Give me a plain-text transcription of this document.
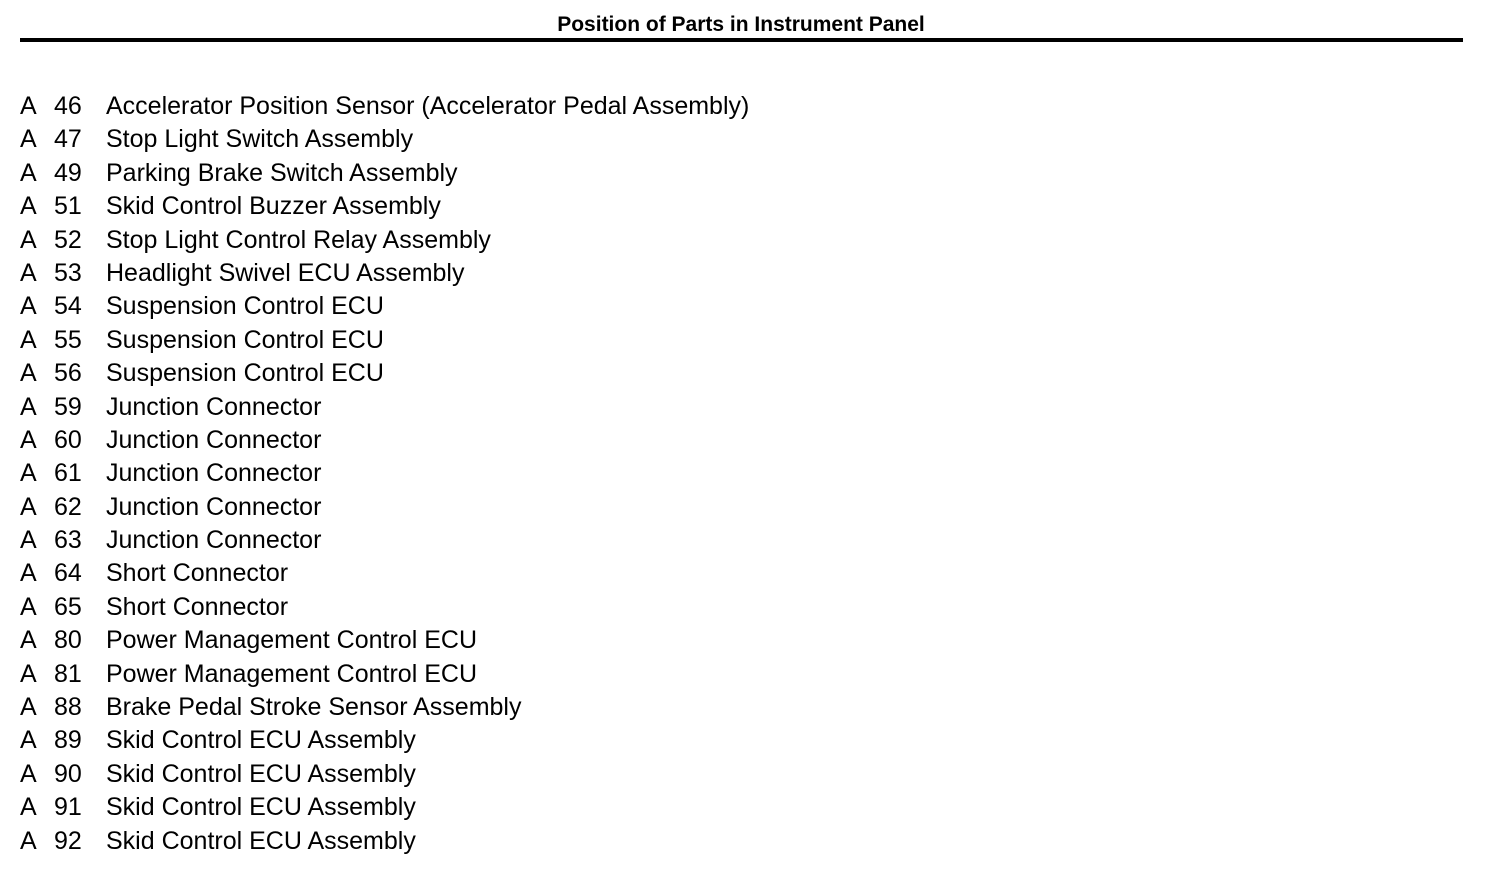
Position of Parts in Instrument Panel
A 46 Accelerator Position Sensor (Accelerator Pedal Assembly)
A 47 Stop Light Switch Assembly
A 49 Parking Brake Switch Assembly
A 51 Skid Control Buzzer Assembly
A 52 Stop Light Control Relay Assembly
A 53 Headlight Swivel ECU Assembly
A 54 Suspension Control ECU
A 55 Suspension Control ECU
A 56 Suspension Control ECU
A 59 Junction Connector
A 60 Junction Connector
A 61 Junction Connector
A 62 Junction Connector
A 63 Junction Connector
A 64 Short Connector
A 65 Short Connector
A 80 Power Management Control ECU
A 81 Power Management Control ECU
A 88 Brake Pedal Stroke Sensor Assembly
A 89 Skid Control ECU Assembly
A 90 Skid Control ECU Assembly
A 91 Skid Control ECU Assembly
A 92 Skid Control ECU Assembly
